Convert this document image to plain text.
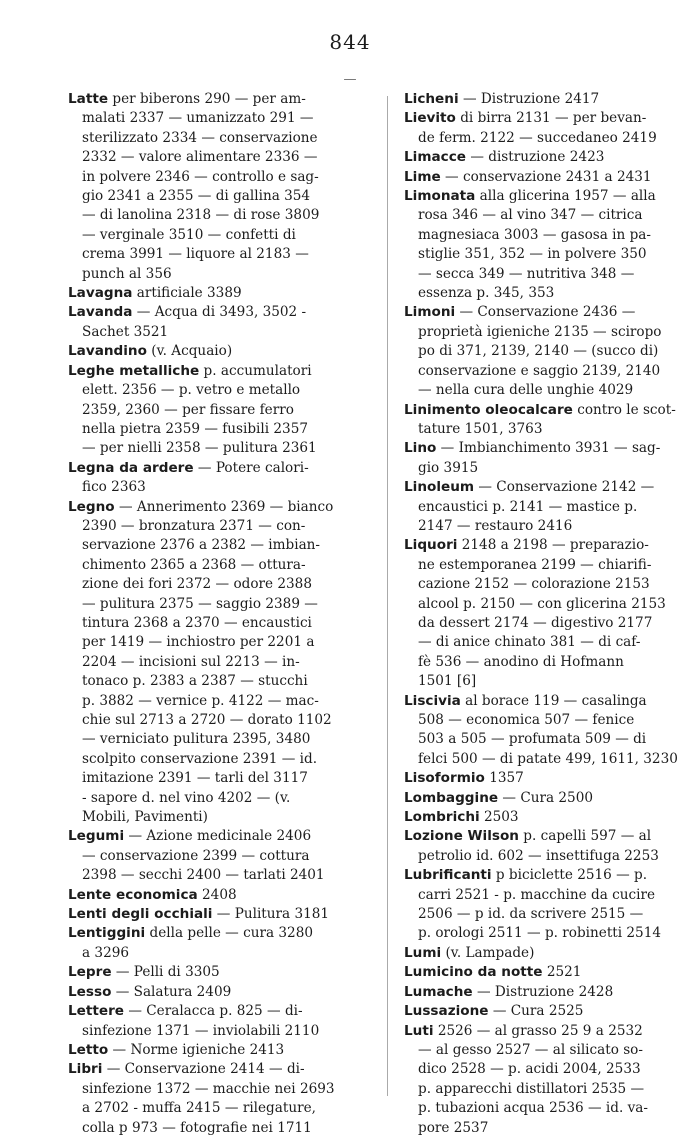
844
—
Latte per biberons 290 — per am-
malati 2337 — umanizzato 291 —
sterilizzato 2334 — conservazione
2332 — valore alimentare 2336 —
in polvere 2346 — controllo e sag-
gio 2341 a 2355 — di gallina 354
— di lanolina 2318 — di rose 3809
— verginale 3510 — confetti di
crema 3991 — liquore al 2183 —
punch al 356
Lavagna artificiale 3389
Lavanda — Acqua di 3493, 3502 -
Sachet 3521
Lavandino (v. Acquaio)
Leghe metalliche p. accumulatori
elett. 2356 — p. vetro e metallo
2359, 2360 — per fissare ferro
nella pietra 2359 — fusibili 2357
— per nielli 2358 — pulitura 2361
Legna da ardere — Potere calori-
fico 2363
Legno — Annerimento 2369 — bianco
2390 — bronzatura 2371 — con-
servazione 2376 a 2382 — imbian-
chimento 2365 a 2368 — ottura-
zione dei fori 2372 — odore 2388
— pulitura 2375 — saggio 2389 —
tintura 2368 a 2370 — encaustici
per 1419 — inchiostro per 2201 a
2204 — incisioni sul 2213 — in-
tonaco p. 2383 a 2387 — stucchi
p. 3882 — vernice p. 4122 — mac-
chie sul 2713 a 2720 — dorato 1102
— verniciato pulitura 2395, 3480
scolpito conservazione 2391 — id.
imitazione 2391 — tarli del 3117
- sapore d. nel vino 4202 — (v.
Mobili, Pavimenti)
Legumi — Azione medicinale 2406
— conservazione 2399 — cottura
2398 — secchi 2400 — tarlati 2401
Lente economica 2408
Lenti degli occhiali — Pulitura 3181
Lentiggini della pelle — cura 3280
a 3296
Lepre — Pelli di 3305
Lesso — Salatura 2409
Lettere — Ceralacca p. 825 — di-
sinfezione 1371 — inviolabili 2110
Letto — Norme igieniche 2413
Libri — Conservazione 2414 — di-
sinfezione 1372 — macchie nei 2693
a 2702 - muffa 2415 — rilegature,
colla p 973 — fotografie nei 1711
Licheni — Distruzione 2417
Lievito di birra 2131 — per bevan-
de ferm. 2122 — succedaneo 2419
Limacce — distruzione 2423
Lime — conservazione 2431 a 2431
Limonata alla glicerina 1957 — alla
rosa 346 — al vino 347 — citrica
magnesiaca 3003 — gasosa in pa-
stiglie 351, 352 — in polvere 350
— secca 349 — nutritiva 348 —
essenza p. 345, 353
Limoni — Conservazione 2436 —
proprietà igieniche 2135 — sciropo
po di 371, 2139, 2140 — (succo di)
conservazione e saggio 2139, 2140
— nella cura delle unghie 4029
Linimento oleocalcare contro le scot-
tature 1501, 3763
Lino — Imbianchimento 3931 — sag-
gio 3915
Linoleum — Conservazione 2142 —
encaustici p. 2141 — mastice p.
2147 — restauro 2416
Liquori 2148 a 2198 — preparazio-
ne estemporanea 2199 — chiarifi-
cazione 2152 — colorazione 2153
alcool p. 2150 — con glicerina 2153
da dessert 2174 — digestivo 2177
— di anice chinato 381 — di caf-
fè 536 — anodino di Hofmann
1501 [6]
Liscivia al borace 119 — casalinga
508 — economica 507 — fenice
503 a 505 — profumata 509 — di
felci 500 — di patate 499, 1611, 3230
Lisoformio 1357
Lombaggine — Cura 2500
Lombrichi 2503
Lozione Wilson p. capelli 597 — al
petrolio id. 602 — insettifuga 2253
Lubrificanti p biciclette 2516 — p.
carri 2521 - p. macchine da cucire
2506 — p id. da scrivere 2515 —
p. orologi 2511 — p. robinetti 2514
Lumi (v. Lampade)
Lumicino da notte 2521
Lumache — Distruzione 2428
Lussazione — Cura 2525
Luti 2526 — al grasso 25 9 a 2532
— al gesso 2527 — al silicato so-
dico 2528 — p. acidi 2004, 2533
p. apparecchi distillatori 2535 —
p. tubazioni acqua 2536 — id. va-
pore 2537
